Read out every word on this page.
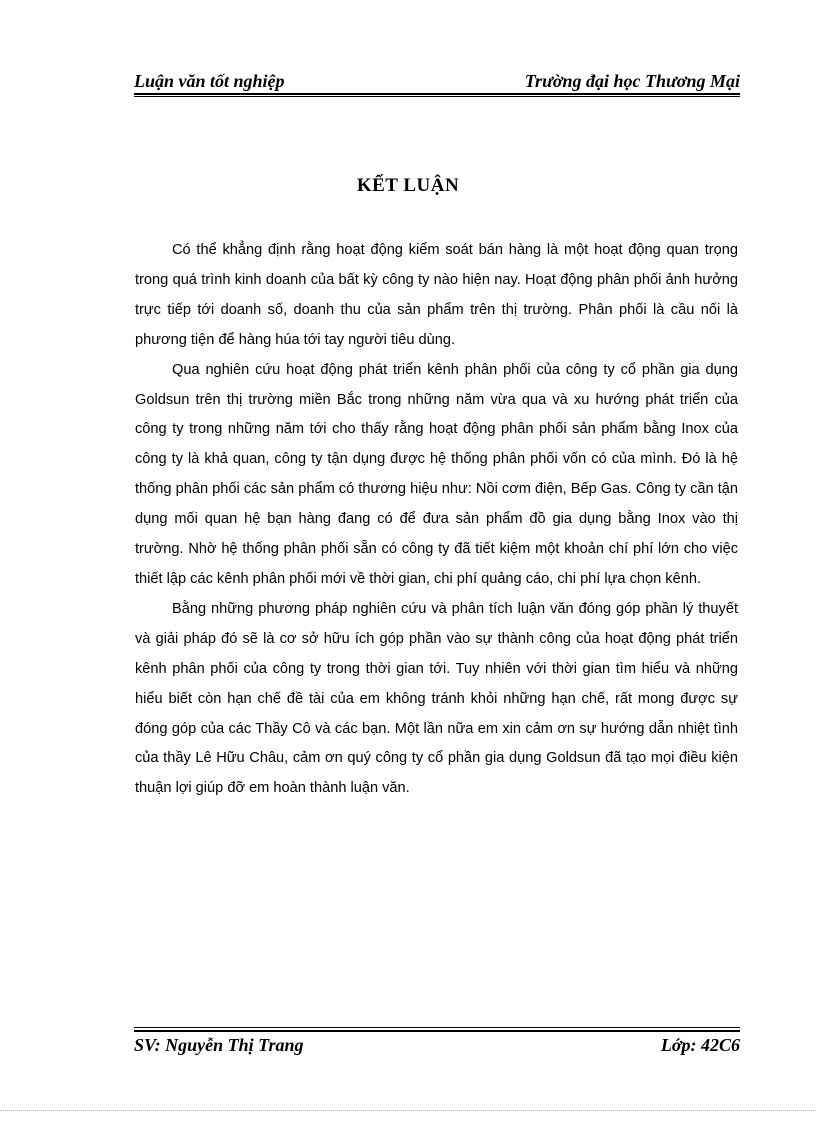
Luận văn tốt nghiệp	Trường đại học Thương Mại
KẾT LUẬN

Có thể khẳng định rằng hoạt động kiểm soát bán hàng là một hoạt động quan trọng trong quá trình kinh doanh của bất kỳ công ty nào hiện nay. Hoạt động phân phối ảnh hưởng trực tiếp tới doanh số, doanh thu của sản phẩm trên thị trường. Phân phối là cầu nối là phương tiện để hàng húa tới tay người tiêu dùng.

Qua nghiên cứu hoạt động phát triển kênh phân phối của công ty cổ phần gia dụng Goldsun trên thị trường miền Bắc trong những năm vừa qua và xu hướng phát triển của công ty trong những năm tới cho thấy rằng hoạt động phân phối sản phẩm bằng Inox của công ty là khả quan, công ty tận dụng được hệ thống phân phối vốn có của mình. Đó là hệ thống phân phối các sản phẩm có thương hiệu như: Nồi cơm điện, Bếp Gas. Công ty cần tận dụng mối quan hệ bạn hàng đang có để đưa sản phẩm đồ gia dụng bằng Inox vào thị trường. Nhờ hệ thống phân phối sẵn có công ty đã tiết kiệm một khoản chí phí lớn cho việc thiết lập các kênh phân phối mới về thời gian, chi phí quảng cáo, chi phí lựa chọn kênh.

Bằng những phương pháp nghiên cứu và phân tích luận văn đóng góp phần lý thuyết và giải pháp đó sẽ là cơ sở hữu ích góp phần vào sự thành công của hoạt động phát triển kênh phân phối của công ty trong thời gian tới. Tuy nhiên với thời gian tìm hiểu và những hiểu biết còn hạn chế đề tài của em không tránh khỏi những hạn chế, rất mong được sự đóng góp của các Thầy Cô và các bạn. Một lần nữa em xin cảm ơn sự hướng dẫn nhiệt tình của thầy Lê Hữu Châu, cảm ơn quý công ty cổ phần gia dụng Goldsun đã tạo mọi điều kiện thuận lợi giúp đỡ em hoàn thành luận văn.

SV: Nguyễn Thị Trang	Lớp: 42C6
